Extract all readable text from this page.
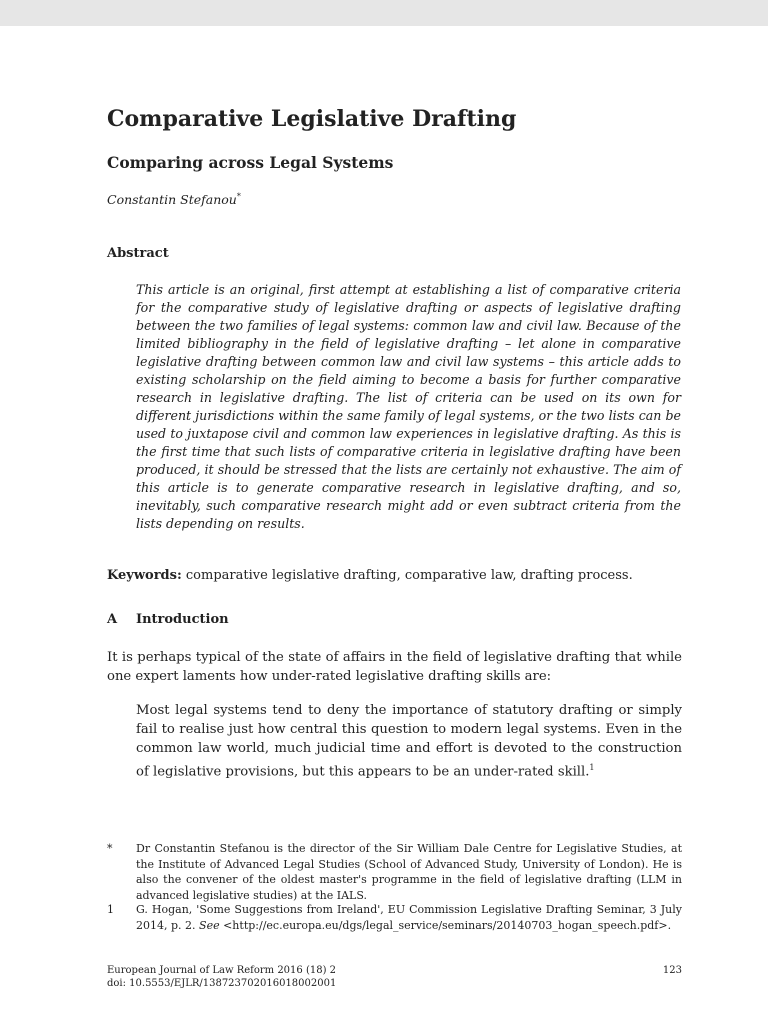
Comparative Legislative Drafting
Comparing across Legal Systems
Constantin Stefanou*
Abstract
This article is an original, first attempt at establishing a list of comparative criteria for the comparative study of legislative drafting or aspects of legislative drafting between the two families of legal systems: common law and civil law. Because of the limited bibliography in the field of legislative drafting – let alone in comparative legislative drafting between common law and civil law systems – this article adds to existing scholarship on the field aiming to become a basis for further comparative research in legislative drafting. The list of criteria can be used on its own for different jurisdictions within the same family of legal systems, or the two lists can be used to juxtapose civil and common law experiences in legislative drafting. As this is the first time that such lists of comparative criteria in legislative drafting have been produced, it should be stressed that the lists are certainly not exhaustive. The aim of this article is to generate comparative research in legislative drafting, and so, inevitably, such comparative research might add or even subtract criteria from the lists depending on results.
Keywords: comparative legislative drafting, comparative law, drafting process.
A Introduction
It is perhaps typical of the state of affairs in the field of legislative drafting that while one expert laments how under-rated legislative drafting skills are:
Most legal systems tend to deny the importance of statutory drafting or simply fail to realise just how central this question to modern legal systems. Even in the common law world, much judicial time and effort is devoted to the construction of legislative provisions, but this appears to be an under-rated skill.$^1$
* Dr Constantin Stefanou is the director of the Sir William Dale Centre for Legislative Studies, at the Institute of Advanced Legal Studies (School of Advanced Study, University of London). He is also the convener of the oldest master's programme in the field of legislative drafting (LLM in advanced legislative studies) at the IALS.
1 G. Hogan, 'Some Suggestions from Ireland', EU Commission Legislative Drafting Seminar, 3 July 2014, p. 2. See <http://ec.europa.eu/dgs/legal_service/seminars/20140703_hogan_speech.pdf>.
European Journal of Law Reform 2016 (18) 2
doi: 10.5553/EJLR/138723702016018002001
123
